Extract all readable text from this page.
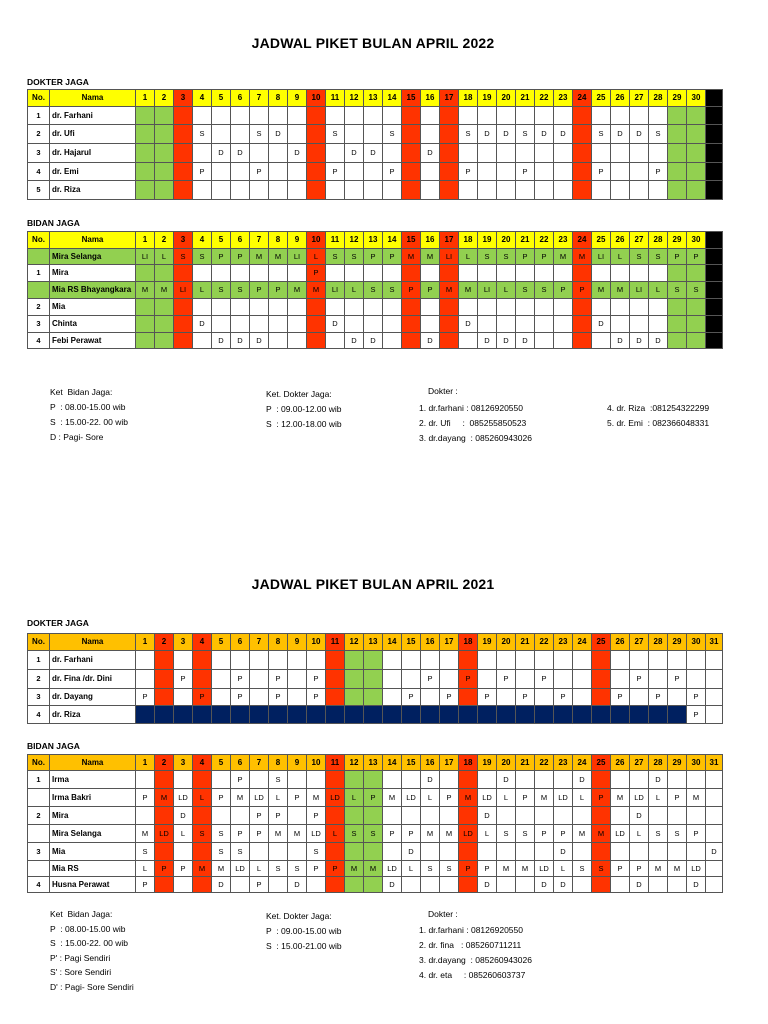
JADWAL PIKET BULAN APRIL 2022
DOKTER JAGA
No.	Nama	1	2	3	4	5	6	7	8	9	10	11	12	13	14	15	16	17	18	19	20	21	22	23	24	25	26	27	28	29	30	
1	dr. Farhani																															
2	dr. Ufi				S			S	D			S			S				S	D	D	S	D	D		S	D	D	S			
3	dr. Hajarul					D	D			D			D	D			D															
4	dr. Emi				P			P				P			P				P			P				P			P			
5	dr. Riza																															
BIDAN JAGA
No.	Nama	1	2	3	4	5	6	7	8	9	10	11	12	13	14	15	16	17	18	19	20	21	22	23	24	25	26	27	28	29	30	
	Mira Selanga	LI	L	S	S	P	P	M	M	LI	L	S	S	P	P	M	M	LI	L	S	S	P	P	M	M	LI	L	S	S	P	P	
1	Mira										P																					
	Mia RS Bhayangkara	M	M	LI	L	S	S	P	P	M	M	LI	L	S	S	P	P	M	M	LI	L	S	S	P	P	M	M	LI	L	S	S	
2	Mia																															
3	Chinta				D							D							D							D						
4	Febi Perawat					D	D	D					D	D			D			D	D	D					D	D	D			
Ket  Bidan Jaga:
P  : 08.00-15.00 wib
S  : 15.00-22. 00 wib
D : Pagi- Sore
Ket. Dokter Jaga:
P  : 09.00-12.00 wib
S  : 12.00-18.00 wib
Dokter :
1. dr.farhani : 08126920550
2. dr. Ufi     :  085255850523
3. dr.dayang  : 085260943026
4. dr. Riza  :081254322299
5. dr. Emi  : 082366048331
JADWAL PIKET BULAN APRIL 2021
DOKTER JAGA
No.	Nama	1	2	3	4	5	6	7	8	9	10	11	12	13	14	15	16	17	18	19	20	21	22	23	24	25	26	27	28	29	30	31
1	dr. Farhani																															
2	dr. Fina /dr. Dini			P			P		P		P						P		P		P		P					P		P		
3	dr. Dayang	P			P		P		P		P					P		P		P		P		P			P		P		P	
4	dr. Riza																														P	
BIDAN JAGA
No.	Nama	1	2	3	4	5	6	7	8	9	10	11	12	13	14	15	16	17	18	19	20	21	22	23	24	25	26	27	28	29	30	31
1	Irma						P		S								D				D				D				D			
	Irma Bakri	P	M	LD	L	P	M	LD	L	P	M	LD	L	P	M	LD	L	P	M	LD	L	P	M	LD	L	P	M	LD	L	P	M	
2	Mira			D				P	P		P									D								D				
	Mira Selanga	M	LD	L	S	S	P	P	M	M	LD	L	S	S	P	P	M	M	LD	L	S	S	P	P	M	M	LD	L	S	S	P	
3	Mia	S				S	S				S					D								D								D
	Mia RS	L	P	P	M	M	LD	L	S	S	P	P	M	M	LD	L	S	S	P	P	M	M	LD	L	S	S	P	P	M	M	LD	
4	Husna Perawat	P				D		P		D					D					D			D	D				D			D	
Ket  Bidan Jaga:
P  : 08.00-15.00 wib
S  : 15.00-22. 00 wib
P' : Pagi Sendiri
S' : Sore Sendiri
D' : Pagi- Sore Sendiri
Ket. Dokter Jaga:
P  : 09.00-15.00 wib
S  : 15.00-21.00 wib
Dokter :
1. dr.farhani : 08126920550
2. dr. fina   : 085260711211
3. dr.dayang  : 085260943026
4. dr. eta     : 085260603737
